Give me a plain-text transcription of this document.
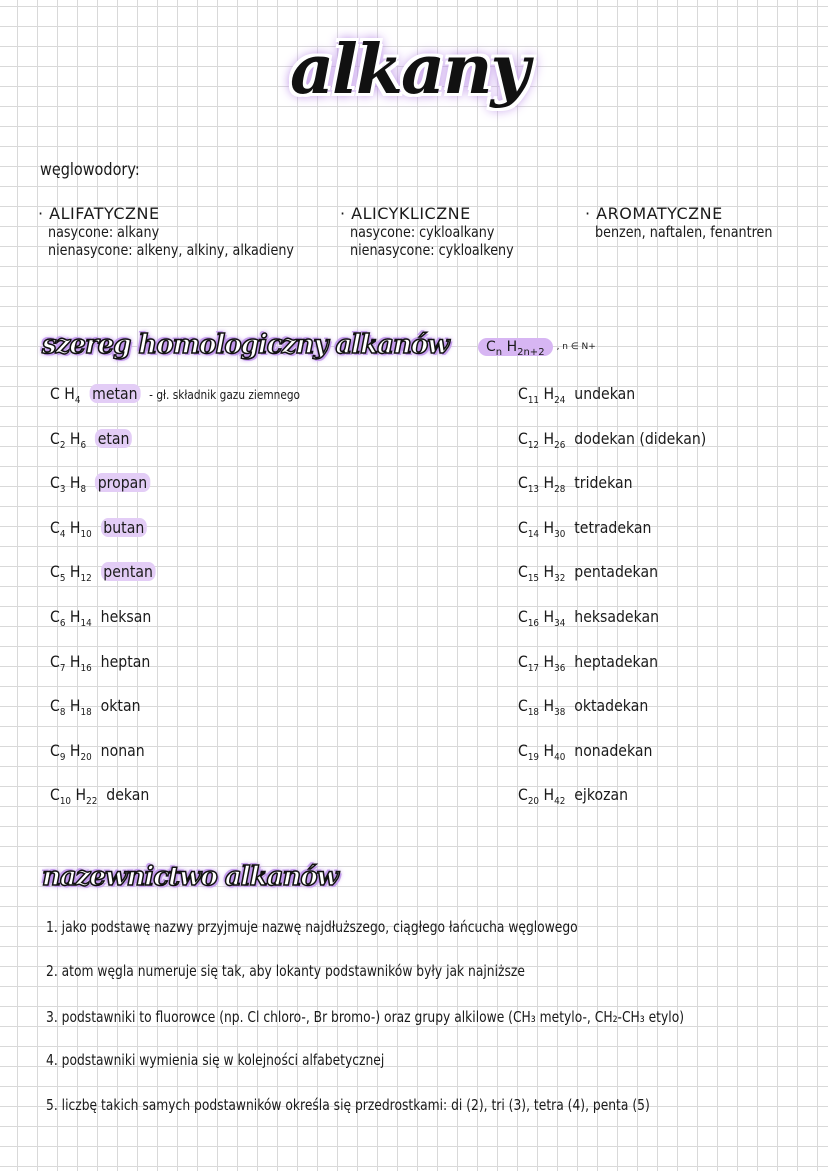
alkany
węglowodory:
· ALIFATYCZNE
nasycone: alkany
nienasycone: alkeny, alkiny, alkadieny
· ALICYKLICZNE
nasycone: cykloalkany
nienasycone: cykloalkeny
· AROMATYCZNE
benzen, naftalen, fenantren
szereg homologiczny alkanów	$C_n$ $H_{2n+2}$	, n ∈ N+
C $H_4$ metan - gł. składnik gazu ziemnego
$C_2$ $H_6$ etan
$C_3$ $H_8$ propan
$C_4$ $H_{10}$ butan
$C_5$ $H_{12}$ pentan
$C_6$ $H_{14}$ heksan
$C_7$ $H_{16}$ heptan
$C_8$ $H_{18}$ oktan
$C_9$ $H_{20}$ nonan
$C_{10}$ $H_{22}$ dekan
$C_{11}$ $H_{24}$ undekan
$C_{12}$ $H_{26}$ dodekan (didekan)
$C_{13}$ $H_{28}$ tridekan
$C_{14}$ $H_{30}$ tetradekan
$C_{15}$ $H_{32}$ pentadekan
$C_{16}$ $H_{34}$ heksadekan
$C_{17}$ $H_{36}$ heptadekan
$C_{18}$ $H_{38}$ oktadekan
$C_{19}$ $H_{40}$ nonadekan
$C_{20}$ $H_{42}$ ejkozan
nazewnictwo alkanów
1. jako podstawę nazwy przyjmuje nazwę najdłuższego, ciągłego łańcucha węglowego
2. atom węgla numeruje się tak, aby lokanty podstawników były jak najniższe
3. podstawniki to fluorowce (np. Cl chloro-, Br bromo-) oraz grupy alkilowe (CH₃ metylo-, CH₂-CH₃ etylo)
4. podstawniki wymienia się w kolejności alfabetycznej
5. liczbę takich samych podstawników określa się przedrostkami: di (2), tri (3), tetra (4), penta (5)
